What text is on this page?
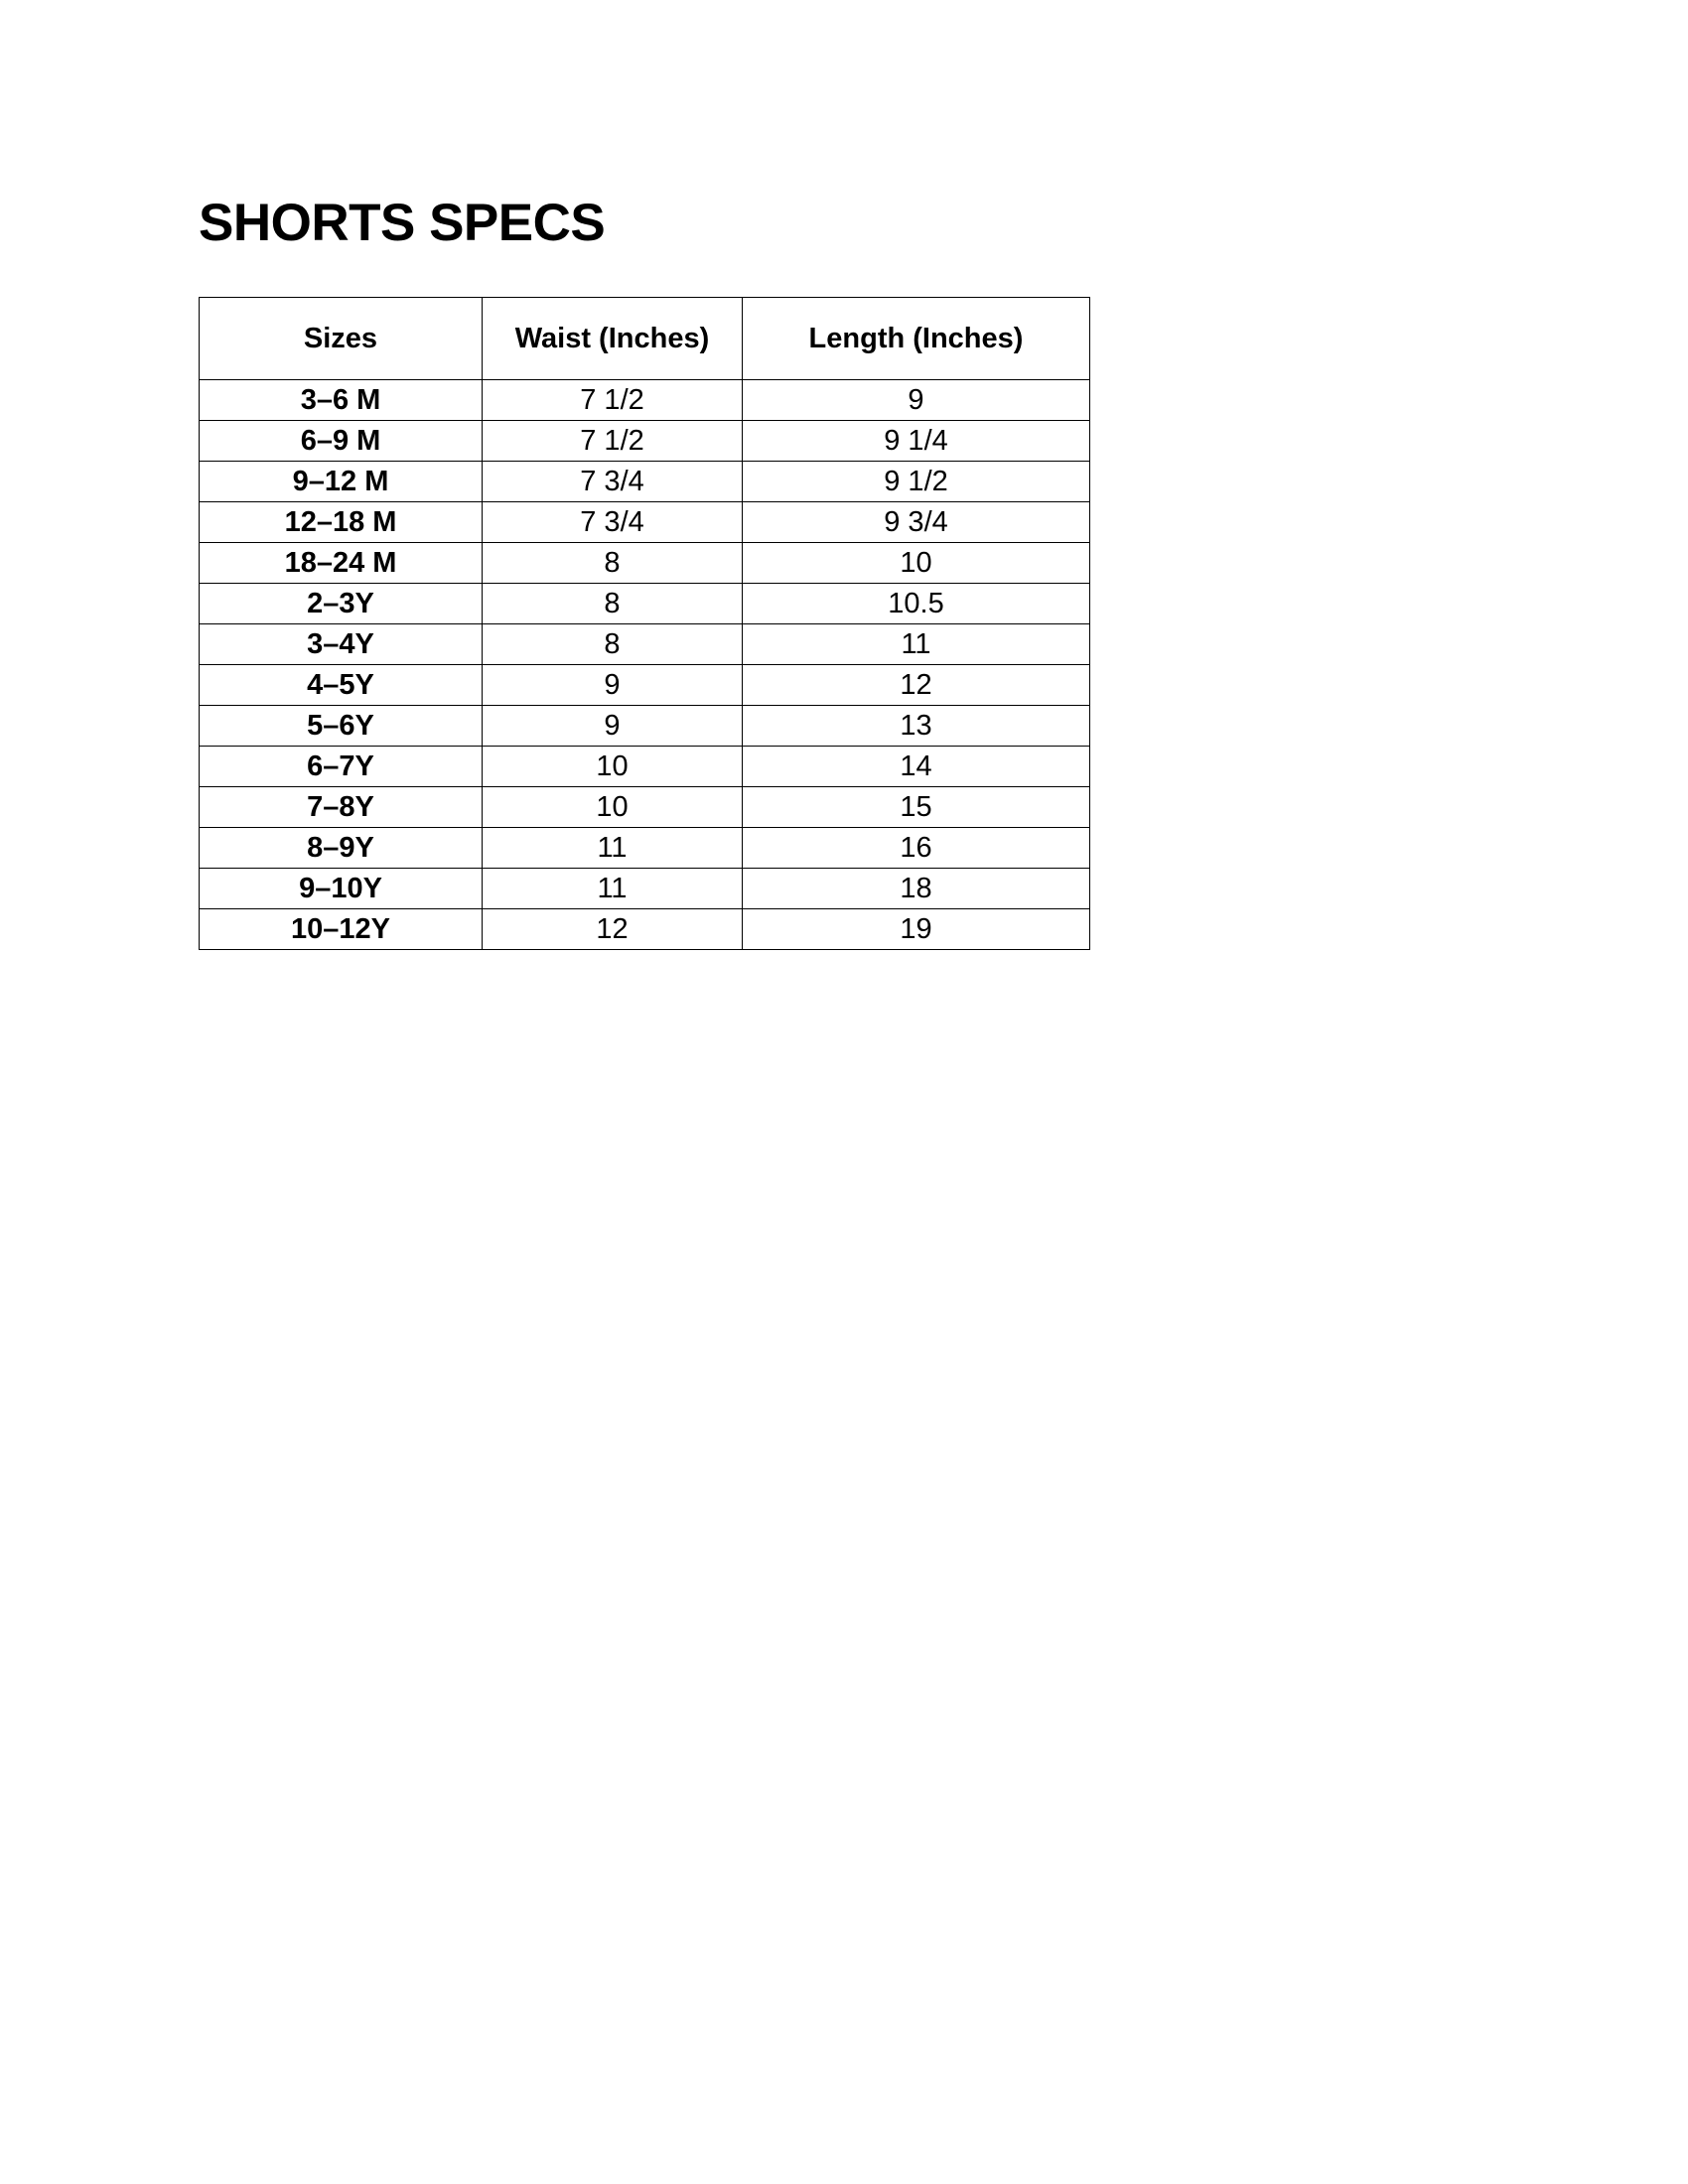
SHORTS SPECS
Sizes	Waist (Inches)	Length (Inches)
3–6 M	7 1/2	9
6–9 M	7 1/2	9 1/4
9–12 M	7 3/4	9 1/2
12–18 M	7 3/4	9 3/4
18–24 M	8	10
2–3Y	8	10.5
3–4Y	8	11
4–5Y	9	12
5–6Y	9	13
6–7Y	10	14
7–8Y	10	15
8–9Y	11	16
9–10Y	11	18
10–12Y	12	19
